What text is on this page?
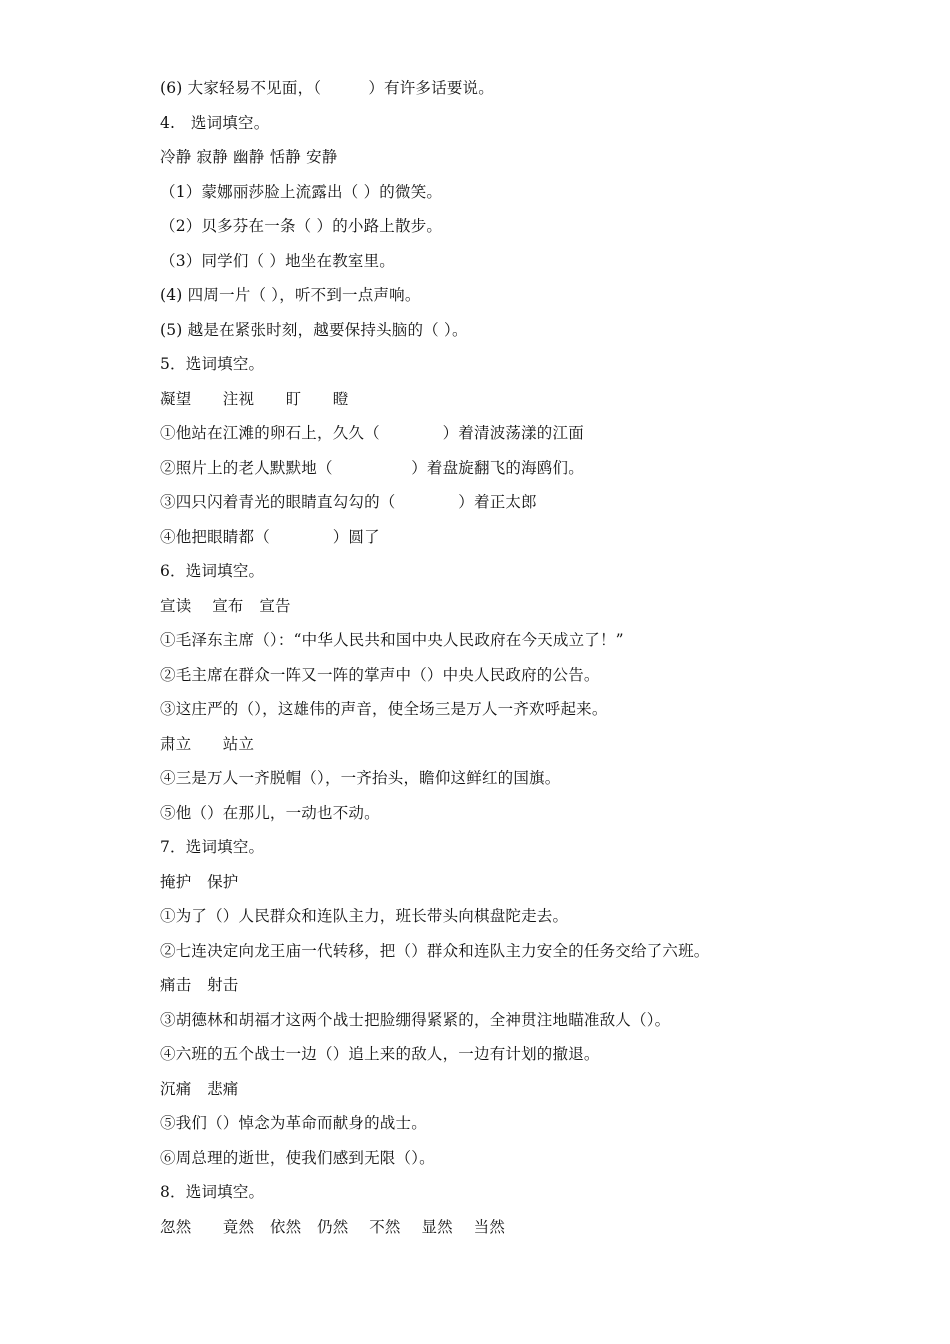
(6) 大家轻易不见面，（　　　）有许多话要说。
4.　选词填空。
冷静 寂静 幽静 恬静 安静
（1）蒙娜丽莎脸上流露出（ ）的微笑。
（2）贝多芬在一条（ ）的小路上散步。
（3）同学们（ ）地坐在教室里。
(4) 四周一片（ ），听不到一点声响。
(5) 越是在紧张时刻，越要保持头脑的（ ）。
5．选词填空。
凝望　　注视　　盯　　瞪
①他站在江滩的卵石上，久久（　　　　）着清波荡漾的江面
②照片上的老人默默地（　　　　　）着盘旋翻飞的海鸥们。
③四只闪着青光的眼睛直勾勾的（　　　　）着正太郎
④他把眼睛都（　　　　）圆了
6．选词填空。
宣读　 宣布　宣告
①毛泽东主席（）：“中华人民共和国中央人民政府在今天成立了！”
②毛主席在群众一阵又一阵的掌声中（）中央人民政府的公告。
③这庄严的（），这雄伟的声音，使全场三是万人一齐欢呼起来。
肃立　　站立
④三是万人一齐脱帽（），一齐抬头，瞻仰这鲜红的国旗。
⑤他（）在那儿，一动也不动。
7．选词填空。
掩护　保护
①为了（）人民群众和连队主力，班长带头向棋盘陀走去。
②七连决定向龙王庙一代转移，把（）群众和连队主力安全的任务交给了六班。
痛击　射击
③胡德林和胡福才这两个战士把脸绷得紧紧的，全神贯注地瞄准敌人（）。
④六班的五个战士一边（）追上来的敌人，一边有计划的撤退。
沉痛　悲痛
⑤我们（）悼念为革命而献身的战士。
⑥周总理的逝世，使我们感到无限（）。
8．选词填空。
忽然　　竟然　依然　仍然　 不然　 显然　 当然
